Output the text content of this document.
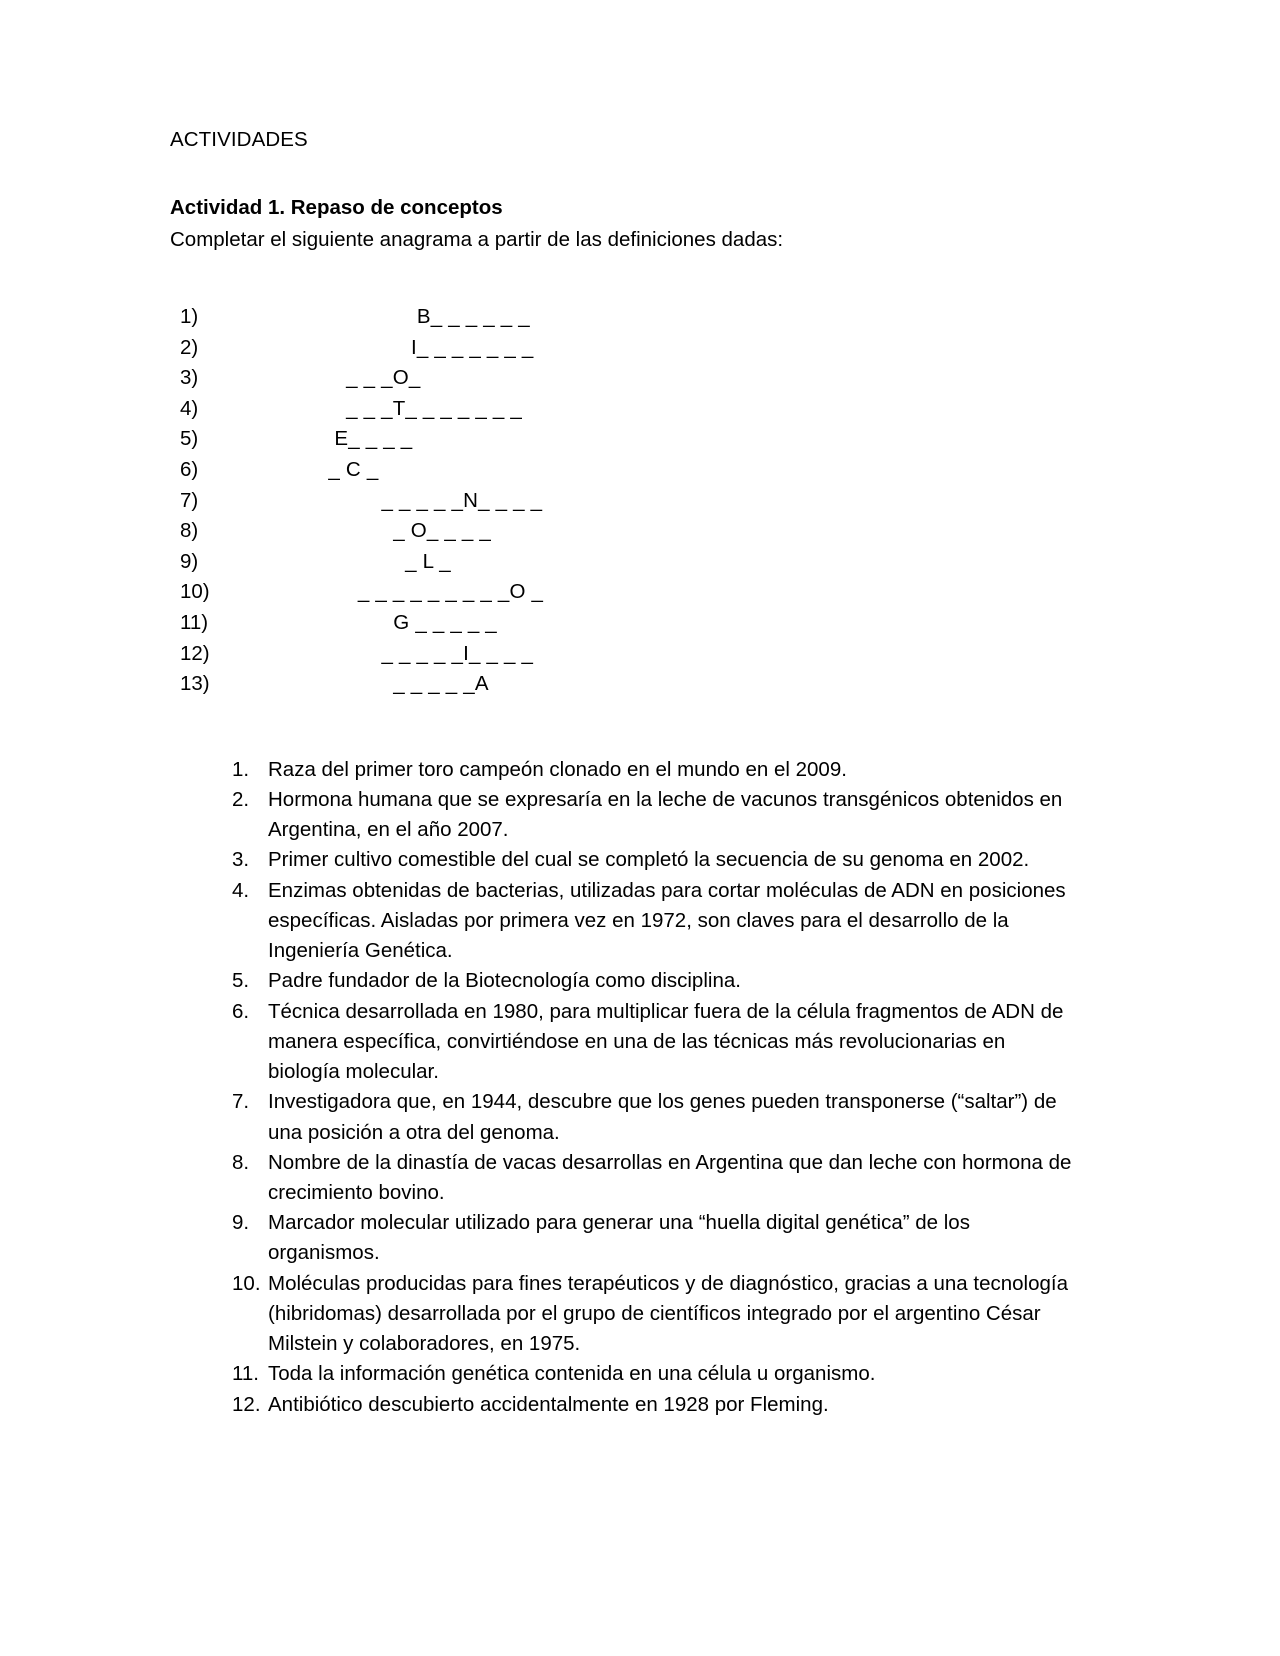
ACTIVIDADES
Actividad 1. Repaso de conceptos
Completar el siguiente anagrama a partir de las definiciones dadas:
1)	B_ _ _ _ _ _
2)	I_ _ _ _ _ _ _
3)	_ _ _O_
4)	_ _ _T_ _ _ _ _ _ _
5)	E_ _ _ _
6)	_ C _
7)	_ _ _ _ _N_ _ _ _
8)	_ O_ _ _ _
9)	_ L _
10)	_ _ _ _ _ _ _ _ _O _
11)	G _ _ _ _ _
12)	_ _ _ _ _I_ _ _ _
13)	_ _ _ _ _A
Raza del primer toro campeón clonado en el mundo en el 2009.
Hormona humana que se expresaría en la leche de vacunos transgénicos obtenidos en Argentina, en el año 2007.
Primer cultivo comestible del cual se completó la secuencia de su genoma en 2002.
Enzimas obtenidas de bacterias, utilizadas para cortar moléculas de ADN en posiciones específicas. Aisladas por primera vez en 1972, son claves para el desarrollo de la Ingeniería Genética.
Padre fundador de la Biotecnología como disciplina.
Técnica desarrollada en 1980, para multiplicar fuera de la célula fragmentos de ADN de manera específica, convirtiéndose en una de las técnicas más revolucionarias en biología molecular.
Investigadora que, en 1944, descubre que los genes pueden transponerse (“saltar”) de una posición a otra del genoma.
Nombre de la dinastía de vacas desarrollas en Argentina que dan leche con hormona de crecimiento bovino.
Marcador molecular utilizado para generar una “huella digital genética” de los organismos.
Moléculas producidas para fines terapéuticos y de diagnóstico, gracias a una tecnología (hibridomas) desarrollada por el grupo de científicos integrado por el argentino César Milstein y colaboradores, en 1975.
Toda la información genética contenida en una célula u organismo.
Antibiótico descubierto accidentalmente en 1928 por Fleming.
